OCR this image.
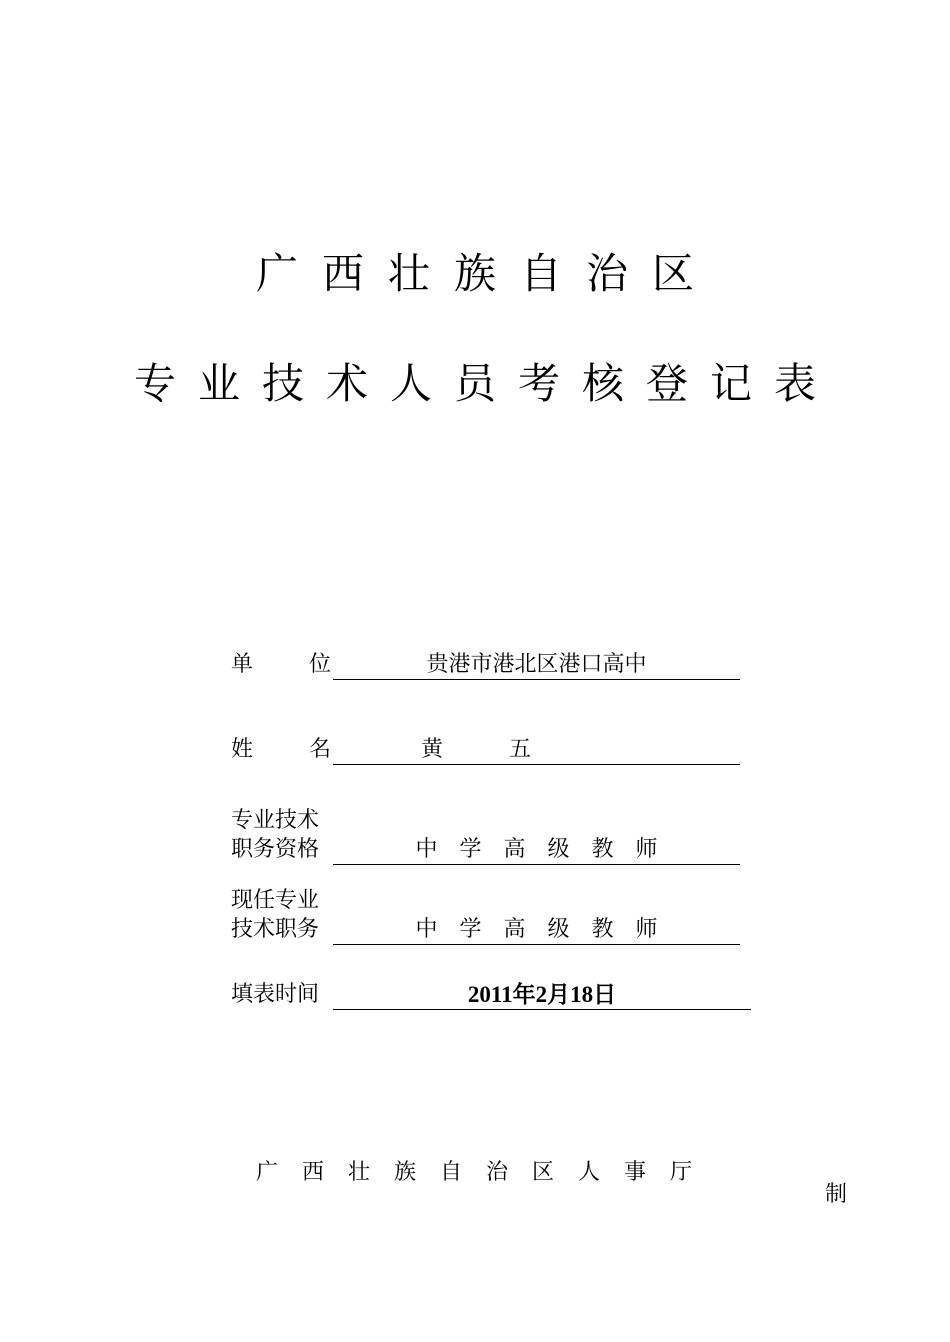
广西壮族自治区
专业技术人员考核登记表
单位	贵港市港北区港口高中
姓名	黄五
专业技术
职务资格	中学高级教师
现任专业
技术职务	中学高级教师
填表时间	2011年2月18日
广西壮族自治区人事厅
制
